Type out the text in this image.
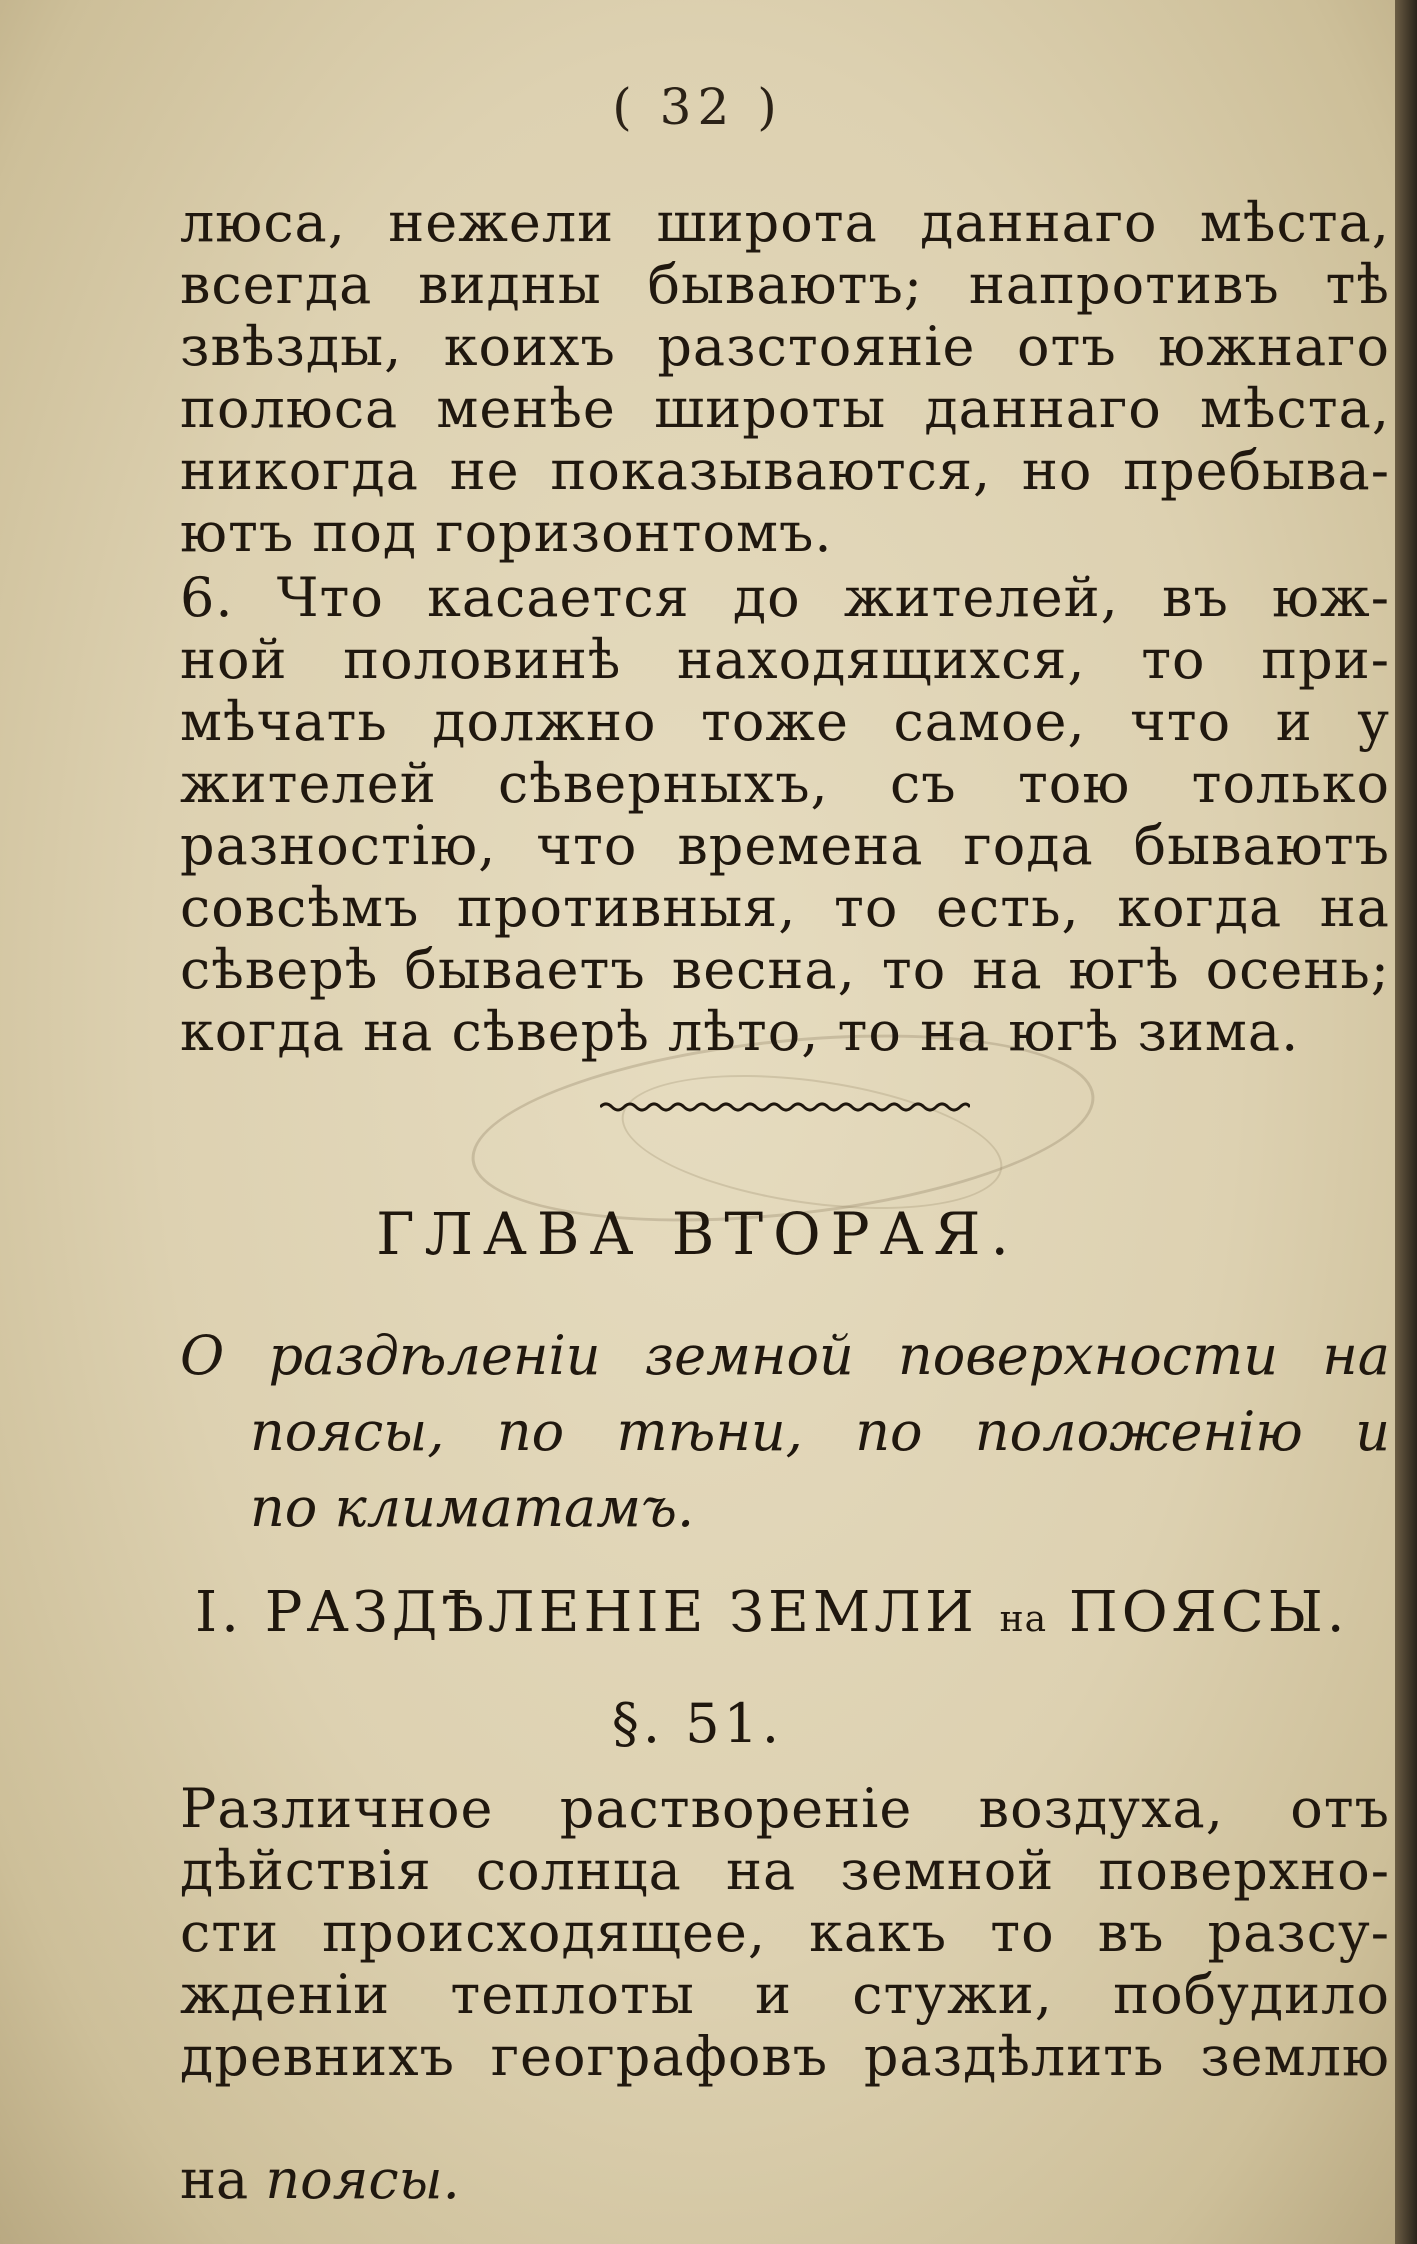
( 32 )
люса, нежели широта даннаго мѣста,
всегда видны бываютъ; напротивъ тѣ
звѣзды, коихъ разстоянiе отъ южнаго
полюса менѣе широты даннаго мѣста,
никогда не показываются, но пребыва-
ютъ под горизонтомъ.
6. Что касается до жителей, въ юж-
ной половинѣ находящихся, то при-
мѣчать должно тоже самое, что и у
жителей сѣверныхъ, съ тою только
разностiю, что времена года бываютъ
совсѣмъ противныя, то есть, когда на
сѣверѣ бываетъ весна, то на югѣ осень;
когда на сѣверѣ лѣто, то на югѣ зима.
ГЛАВА ВТОРАЯ.
О раздѣленiи земной поверхности на
поясы, по тѣни, по положенiю и
по климатамъ.
I. РАЗДѢЛЕНIЕ ЗЕМЛИ на ПОЯСЫ.
§. 51.
Различное растворенiе воздуха, отъ
дѣйствiя солнца на земной поверхно-
сти происходящее, какъ то въ разсу-
жденiи теплоты и стужи, побудило
древнихъ географовъ раздѣлить землю
на поясы.
